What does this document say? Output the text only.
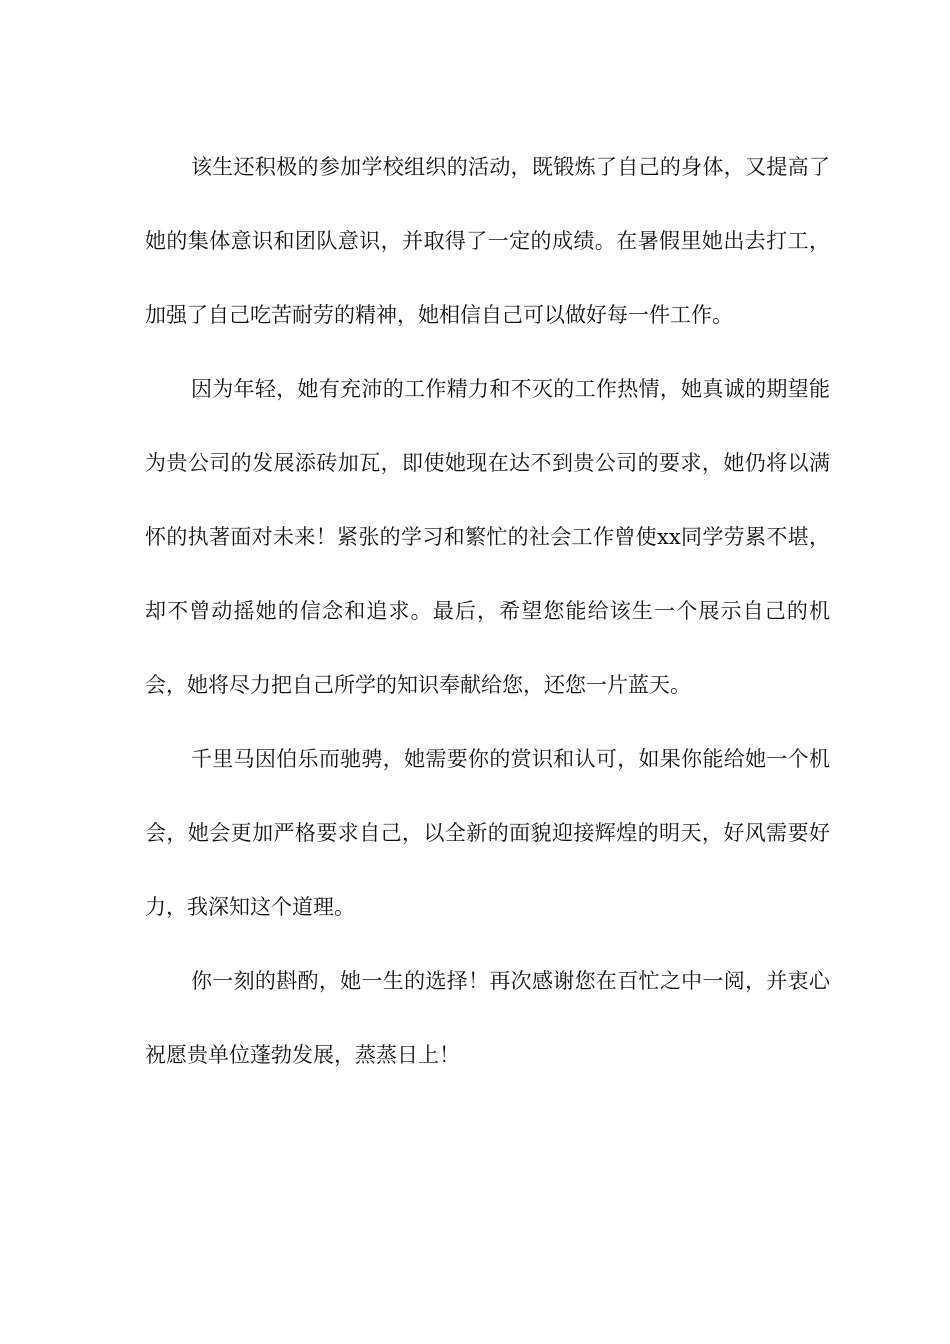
该生还积极的参加学校组织的活动，既锻炼了自己的身体，又提高了她的集体意识和团队意识，并取得了一定的成绩。在暑假里她出去打工，加强了自己吃苦耐劳的精神，她相信自己可以做好每一件工作。

因为年轻，她有充沛的工作精力和不灭的工作热情，她真诚的期望能为贵公司的发展添砖加瓦，即使她现在达不到贵公司的要求，她仍将以满怀的执著面对未来！紧张的学习和繁忙的社会工作曾使xx同学劳累不堪，却不曾动摇她的信念和追求。最后，希望您能给该生一个展示自己的机会，她将尽力把自己所学的知识奉献给您，还您一片蓝天。

千里马因伯乐而驰骋，她需要你的赏识和认可，如果你能给她一个机会，她会更加严格要求自己，以全新的面貌迎接辉煌的明天，好风需要好力，我深知这个道理。

你一刻的斟酌，她一生的选择！再次感谢您在百忙之中一阅，并衷心祝愿贵单位蓬勃发展，蒸蒸日上！
